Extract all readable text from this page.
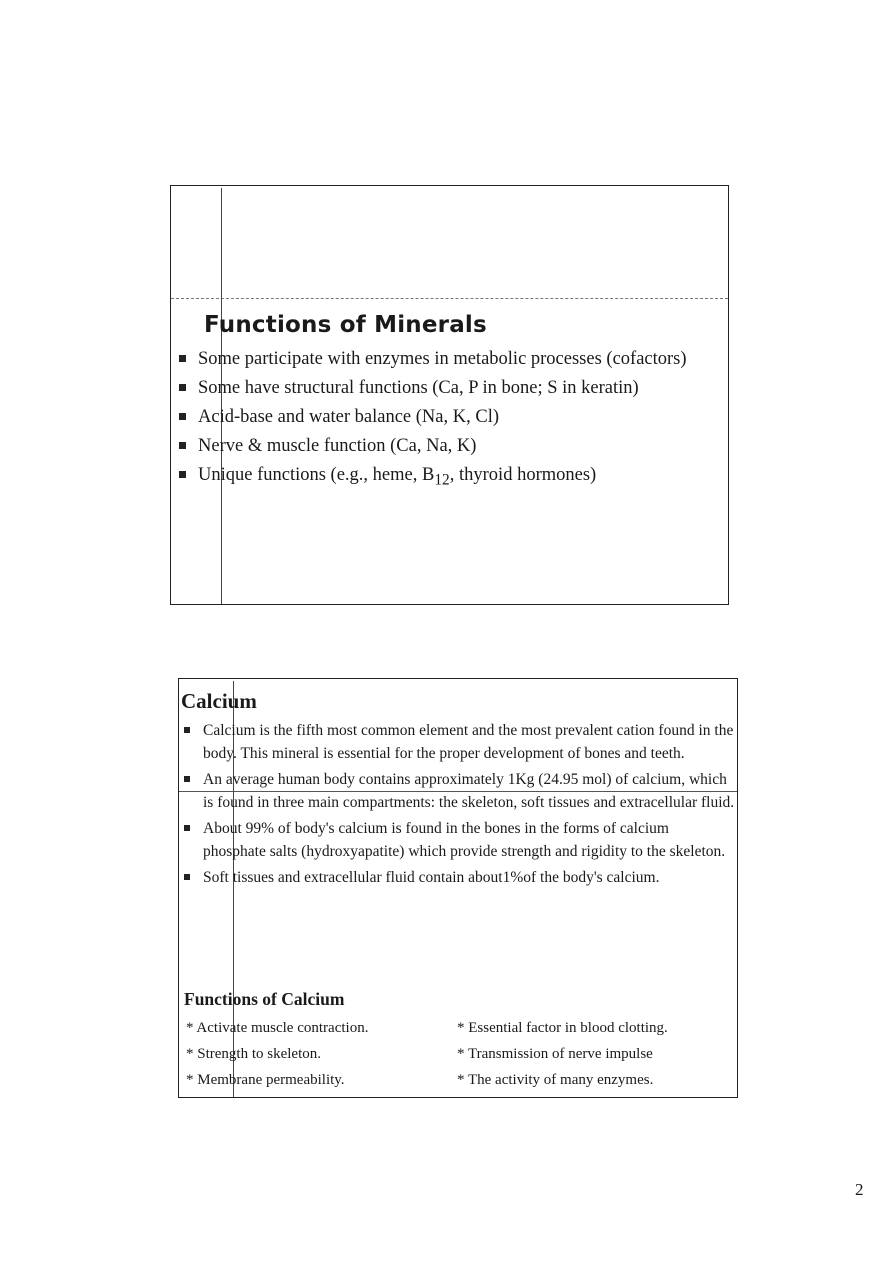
Functions of Minerals
Some participate with enzymes in metabolic processes (cofactors)
Some have structural functions (Ca, P in bone; S in keratin)
Acid-base and water balance (Na, K, Cl)
Nerve & muscle function (Ca, Na, K)
Unique functions (e.g., heme, $B_{12}$, thyroid hormones)
Calcium
Calcium is the fifth most common element and the most prevalent cation found in the body. This mineral is essential for the proper development of bones and teeth.
An average human body contains approximately 1Kg (24.95 mol) of calcium, which is found in three main compartments: the skeleton, soft tissues and extracellular fluid.
About 99% of body's calcium is found in the bones in the forms of calcium phosphate salts (hydroxyapatite) which provide strength and rigidity to the skeleton.
Soft tissues and extracellular fluid contain about1%of the body's calcium.
Functions of Calcium
* Activate muscle contraction.
* Strength to skeleton.
* Membrane permeability.
* Essential factor in blood clotting.
* Transmission of nerve impulse
* The activity of many enzymes.
2
